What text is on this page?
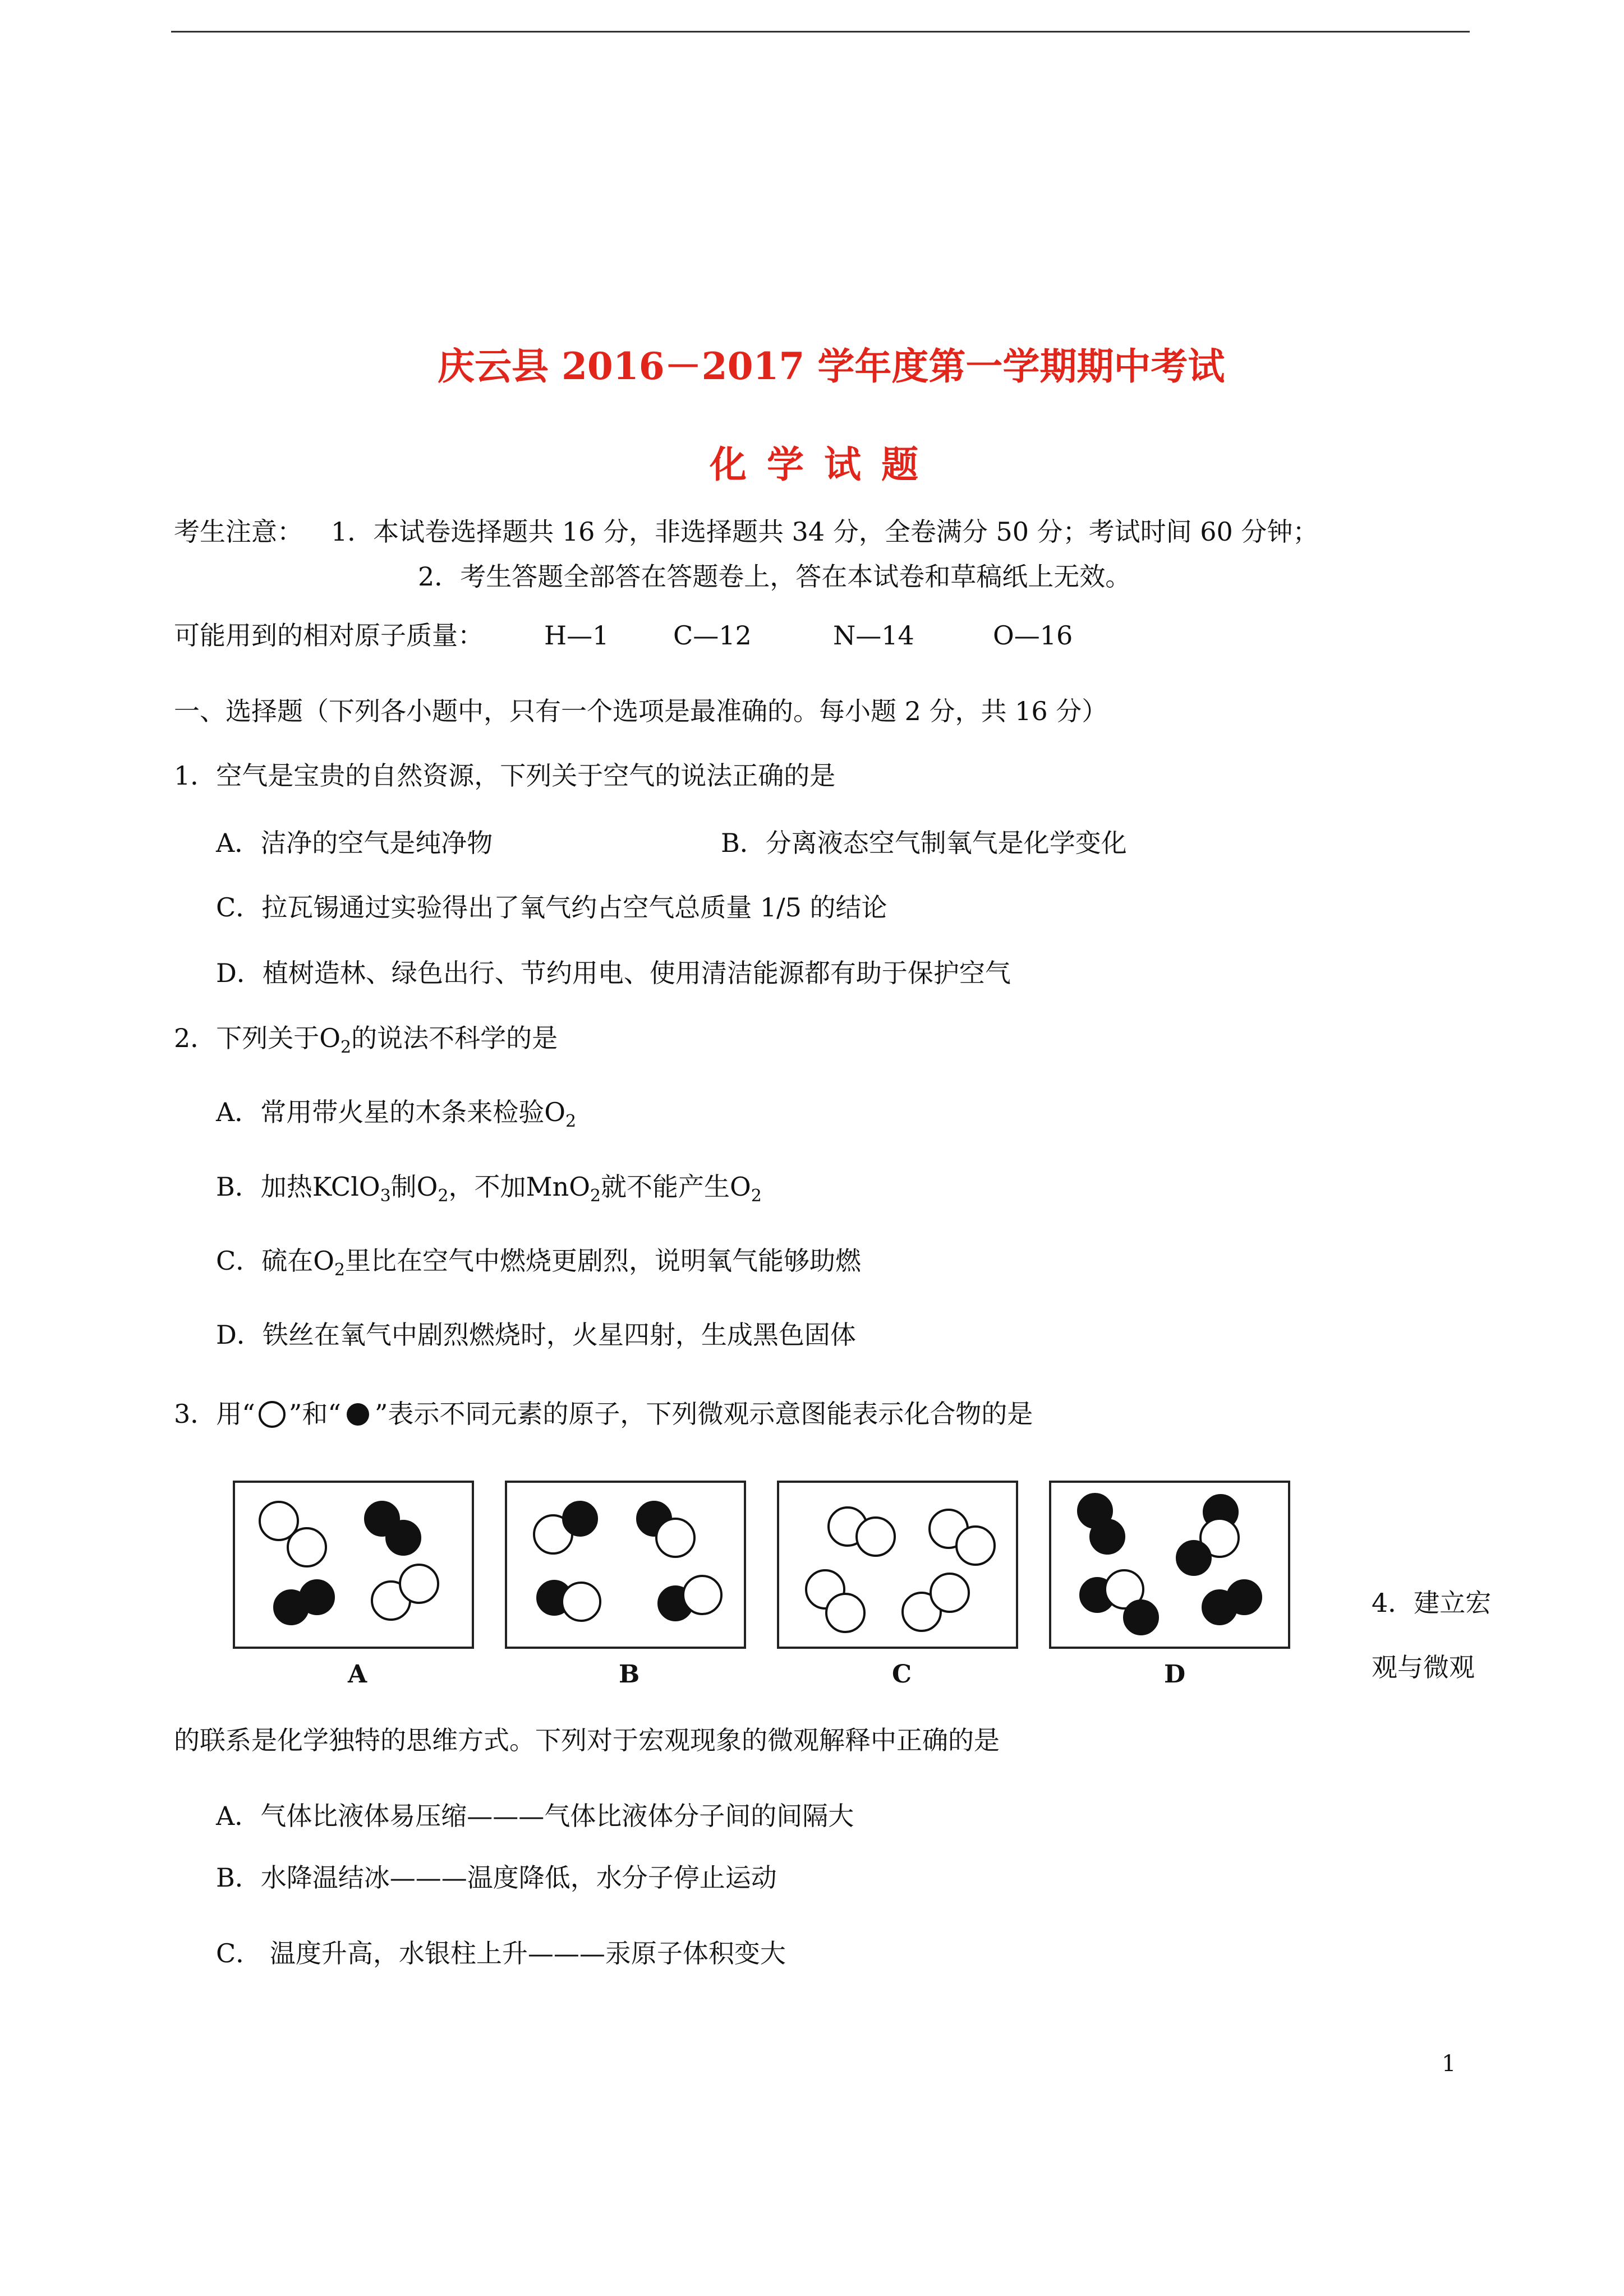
庆云县 2016－2017 学年度第一学期期中考试
化学试题
考生注意： 1．本试卷选择题共 16 分，非选择题共 34 分，全卷满分 50 分；考试时间 60 分钟；
2．考生答题全部答在答题卷上，答在本试卷和草稿纸上无效。
可能用到的相对原子质量： H—1 C—12	N—14	O—16
一、选择题（下列各小题中，只有一个选项是最准确的。每小题 2 分，共 16 分）
1．空气是宝贵的自然资源，下列关于空气的说法正确的是
A．洁净的空气是纯净物	B．分离液态空气制氧气是化学变化
C．拉瓦锡通过实验得出了氧气约占空气总质量 1/5 的结论
D．植树造林、绿色出行、节约用电、使用清洁能源都有助于保护空气
2．下列关于$O_2$的说法不科学的是
A．常用带火星的木条来检验$O_2$
B．加热KClO$_3$制$O_2$，不加MnO$_2$就不能产生$O_2$
C．硫在$O_2$里比在空气中燃烧更剧烈，说明氧气能够助燃
D．铁丝在氧气中剧烈燃烧时，火星四射，生成黑色固体
3．用“ ”和“ ”表示不同元素的原子，下列微观示意图能表示化合物的是
A	B	C	D
4．建立宏
观与微观
的联系是化学独特的思维方式。下列对于宏观现象的微观解释中正确的是
A．气体比液体易压缩———气体比液体分子间的间隔大
B．水降温结冰———温度降低，水分子停止运动
C． 温度升高，水银柱上升———汞原子体积变大
1
